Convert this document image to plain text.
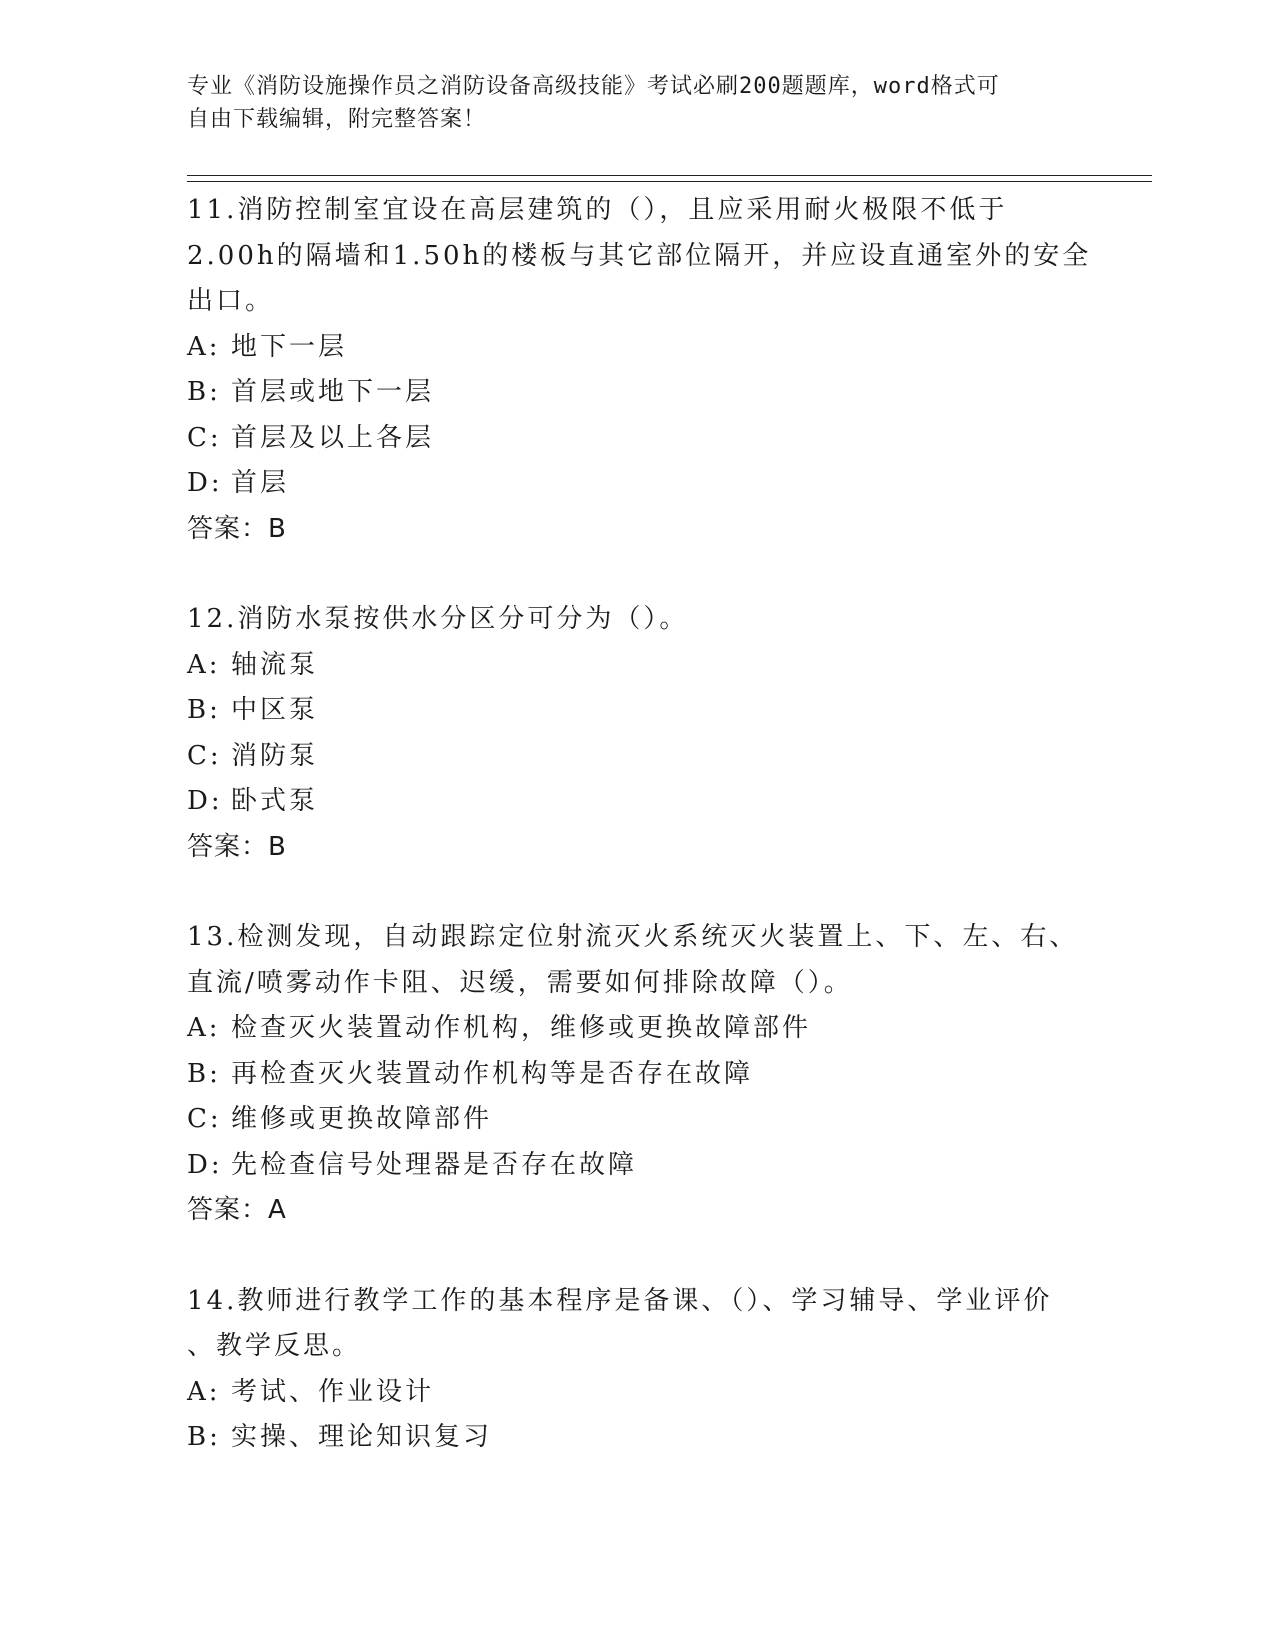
专业《消防设施操作员之消防设备高级技能》考试必刷200题题库，word格式可
自由下载编辑，附完整答案！
11.消防控制室宜设在高层建筑的（），且应采用耐火极限不低于
2.00h的隔墙和1.50h的楼板与其它部位隔开，并应设直通室外的安全
出口。
A: 地下一层
B: 首层或地下一层
C: 首层及以上各层
D: 首层
答案：B
12.消防水泵按供水分区分可分为（）。
A: 轴流泵
B: 中区泵
C: 消防泵
D: 卧式泵
答案：B
13.检测发现，自动跟踪定位射流灭火系统灭火装置上、下、左、右、
直流/喷雾动作卡阻、迟缓，需要如何排除故障（）。
A: 检查灭火装置动作机构，维修或更换故障部件
B: 再检查灭火装置动作机构等是否存在故障
C: 维修或更换故障部件
D: 先检查信号处理器是否存在故障
答案：A
14.教师进行教学工作的基本程序是备课、（）、学习辅导、学业评价
、教学反思。
A: 考试、作业设计
B: 实操、理论知识复习
